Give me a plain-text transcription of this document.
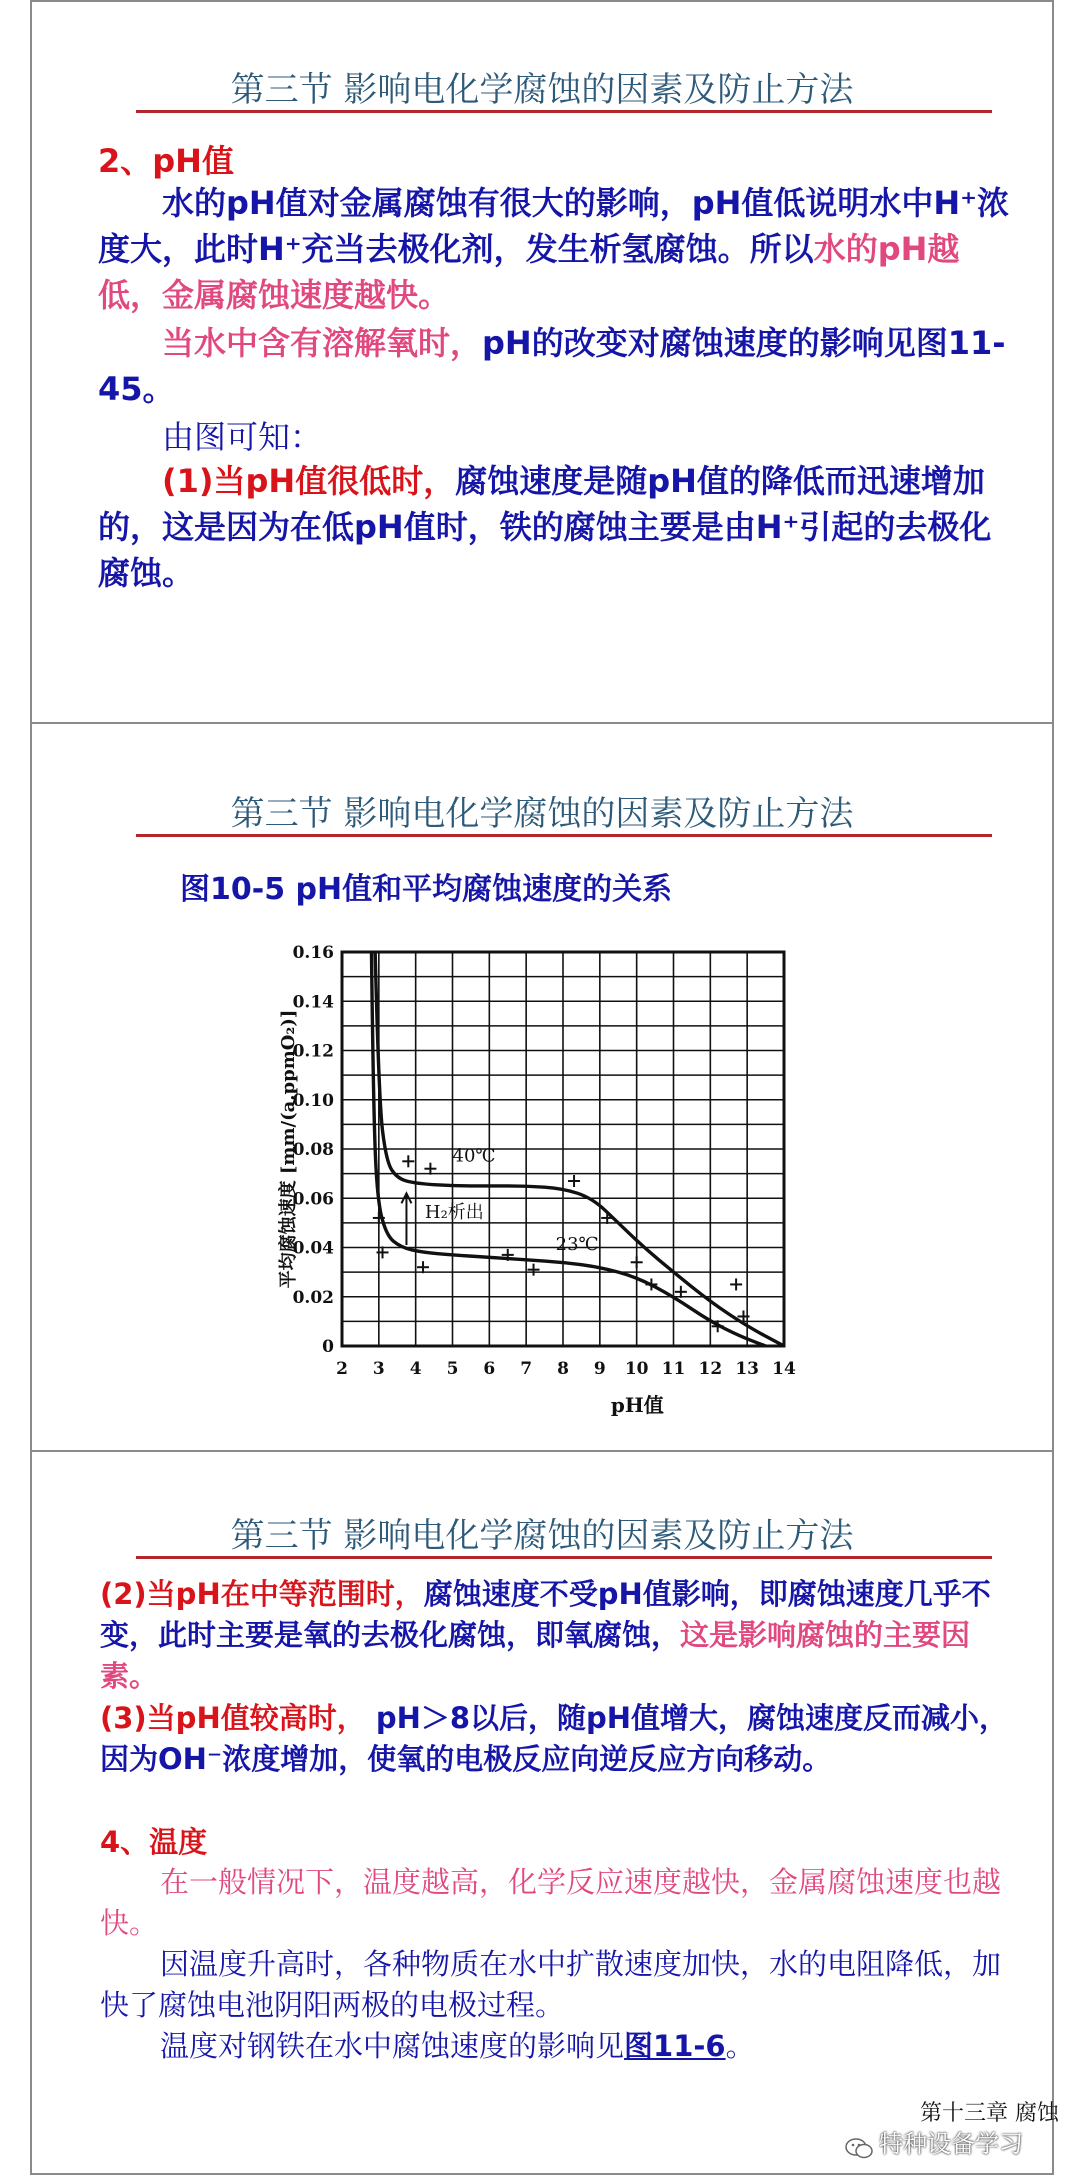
第三节 影响电化学腐蚀的因素及防止方法
2、pH值
水的pH值对金属腐蚀有很大的影响，pH值低说明水中H⁺浓度大，此时H⁺充当去极化剂，发生析氢腐蚀。所以水的pH越低，金属腐蚀速度越快。
当水中含有溶解氧时，pH的改变对腐蚀速度的影响见图11-45。
由图可知：
(1)当pH值很低时，腐蚀速度是随pH值的降低而迅速增加的，这是因为在低pH值时，铁的腐蚀主要是由H⁺引起的去极化腐蚀。
第三节 影响电化学腐蚀的因素及防止方法
图10-5 pH值和平均腐蚀速度的关系
2 3 4 5 6 7 8 9 10 11 12 13 14
0
0.02
0.04
0.06
0.08
0.10
0.12
0.14
0.16
平均腐蚀速度 [mm/(a.ppmO₂)]
pH值
40℃
23℃
H₂析出
第三节 影响电化学腐蚀的因素及防止方法
(2)当pH在中等范围时，腐蚀速度不受pH值影响，即腐蚀速度几乎不变，此时主要是氧的去极化腐蚀，即氧腐蚀，这是影响腐蚀的主要因素。
(3)当pH值较高时， pH＞8以后，随pH值增大，腐蚀速度反而减小，因为OH⁻浓度增加，使氧的电极反应向逆反应方向移动。
4、温度
在一般情况下，温度越高，化学反应速度越快，金属腐蚀速度也越快。
因温度升高时，各种物质在水中扩散速度加快，水的电阻降低，加快了腐蚀电池阴阳两极的电极过程。
温度对钢铁在水中腐蚀速度的影响见图11-6。
第十三章 腐蚀
特种设备学习
